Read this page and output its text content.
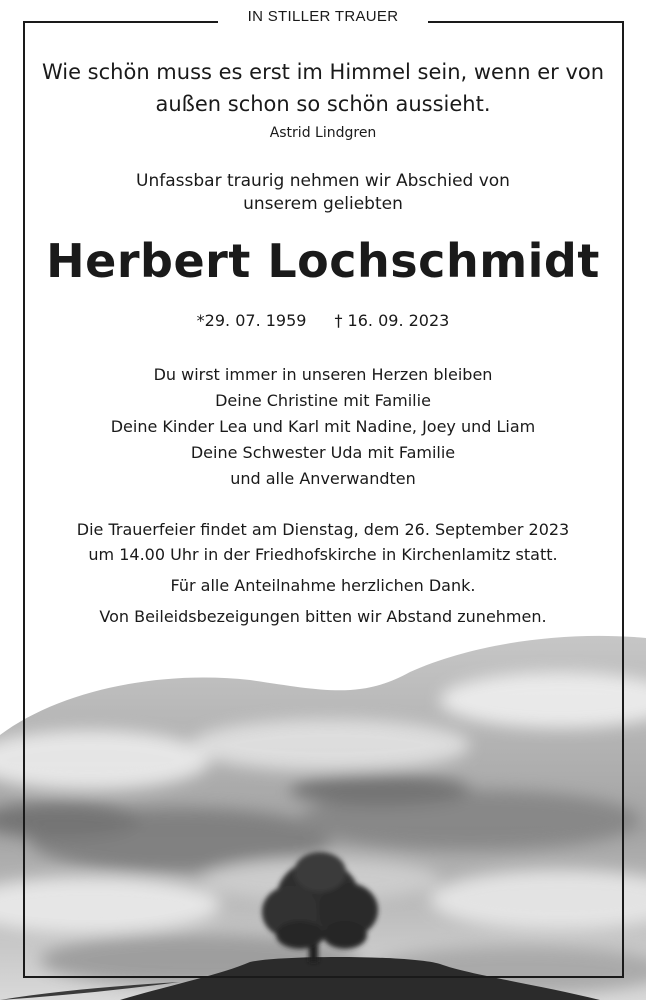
IN STILLER TRAUER
Wie schön muss es erst im Himmel sein, wenn er von
außen schon so schön aussieht.
Astrid Lindgren
Unfassbar traurig nehmen wir Abschied von
unserem geliebten
Herbert Lochschmidt
*29. 07. 1959 † 16. 09. 2023
Du wirst immer in unseren Herzen bleiben
Deine Christine mit Familie
Deine Kinder Lea und Karl mit Nadine, Joey und Liam
Deine Schwester Uda mit Familie
und alle Anverwandten
Die Trauerfeier findet am Dienstag, dem 26. September 2023
um 14.00 Uhr in der Friedhofskirche in Kirchenlamitz statt.
Für alle Anteilnahme herzlichen Dank.
Von Beileidsbezeigungen bitten wir Abstand zunehmen.
